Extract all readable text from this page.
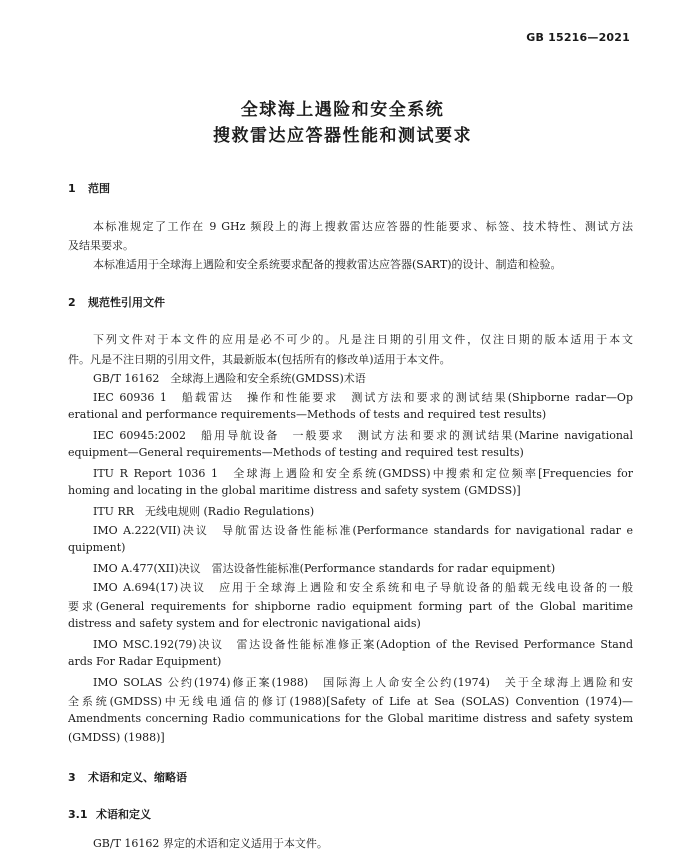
GB 15216—2021
全球海上遇险和安全系统
搜救雷达应答器性能和测试要求
1 范围
本标准规定了工作在 9 GHz 频段上的海上搜救雷达应答器的性能要求、标签、技术特性、测试方法
及结果要求。
本标准适用于全球海上遇险和安全系统要求配备的搜救雷达应答器(SART)的设计、制造和检验。
2 规范性引用文件
下列文件对于本文件的应用是必不可少的。凡是注日期的引用文件，仅注日期的版本适用于本文
件。凡是不注日期的引用文件，其最新版本(包括所有的修改单)适用于本文件。
GB/T 16162　全球海上遇险和安全系统(GMDSS)术语
IEC 60936 1　船载雷达　操作和性能要求　测试方法和要求的测试结果(Shipborne radar—Op
erational and performance requirements—Methods of tests and required test results)
IEC 60945:2002　船用导航设备　一般要求　测试方法和要求的测试结果(Marine navigational
equipment—General requirements—Methods of testing and required test results)
ITU R Report 1036 1　全球海上遇险和安全系统(GMDSS)中搜索和定位频率[Frequencies for
homing and locating in the global maritime distress and safety system (GMDSS)]
ITU RR　无线电规则 (Radio Regulations)
IMO A.222(VII)决议　导航雷达设备性能标准(Performance standards for navigational radar e
quipment)
IMO A.477(XII)决议　雷达设备性能标准(Performance standards for radar equipment)
IMO A.694(17)决议　应用于全球海上遇险和安全系统和电子导航设备的船载无线电设备的一般
要求(General requirements for shipborne radio equipment forming part of the Global maritime
distress and safety system and for electronic navigational aids)
IMO MSC.192(79)决议　雷达设备性能标准修正案(Adoption of the Revised Performance Stand
ards For Radar Equipment)
IMO SOLAS 公约(1974)修正案(1988)　国际海上人命安全公约(1974)　关于全球海上遇险和安
全系统(GMDSS)中无线电通信的修订(1988)[Safety of Life at Sea (SOLAS) Convention (1974)—
Amendments concerning Radio communications for the Global maritime distress and safety system
(GMDSS) (1988)]
3 术语和定义、缩略语
3.1 术语和定义
GB/T 16162 界定的术语和定义适用于本文件。
